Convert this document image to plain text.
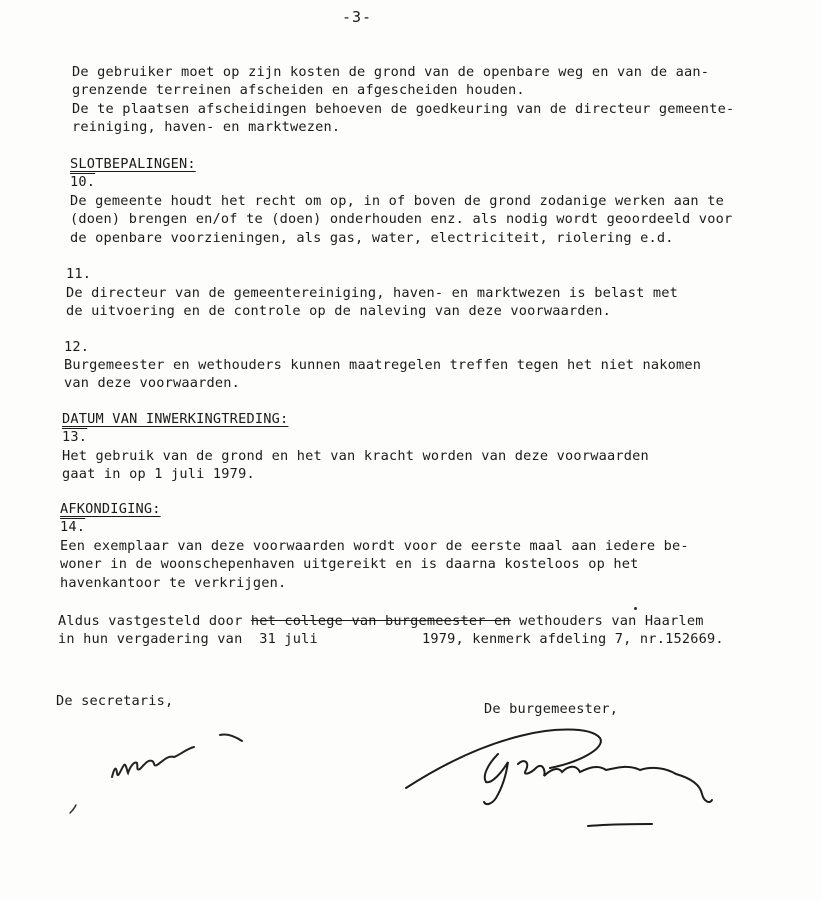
-3-
De gebruiker moet op zijn kosten de grond van de openbare weg en van de aan-
grenzende terreinen afscheiden en afgescheiden houden.
De te plaatsen afscheidingen behoeven de goedkeuring van de directeur gemeente-
reiniging, haven- en marktwezen.
SLOTBEPALINGEN:
10.
De gemeente houdt het recht om op, in of boven de grond zodanige werken aan te
(doen) brengen en/of te (doen) onderhouden enz. als nodig wordt geoordeeld voor
de openbare voorzieningen, als gas, water, electriciteit, riolering e.d.
11.
De directeur van de gemeentereiniging, haven- en marktwezen is belast met
de uitvoering en de controle op de naleving van deze voorwaarden.
12.
Burgemeester en wethouders kunnen maatregelen treffen tegen het niet nakomen
van deze voorwaarden.
DATUM VAN INWERKINGTREDING:
13.
Het gebruik van de grond en het van kracht worden van deze voorwaarden
gaat in op 1 juli 1979.
AFKONDIGING:
14.
Een exemplaar van deze voorwaarden wordt voor de eerste maal aan iedere be-
woner in de woonschepenhaven uitgereikt en is daarna kosteloos op het
havenkantoor te verkrijgen.
Aldus vastgesteld door het college van burgemeester en wethouders van Haarlem
in hun vergadering van  31 juli	1979, kenmerk afdeling 7, nr.152669.
De secretaris,	De burgemeester,
